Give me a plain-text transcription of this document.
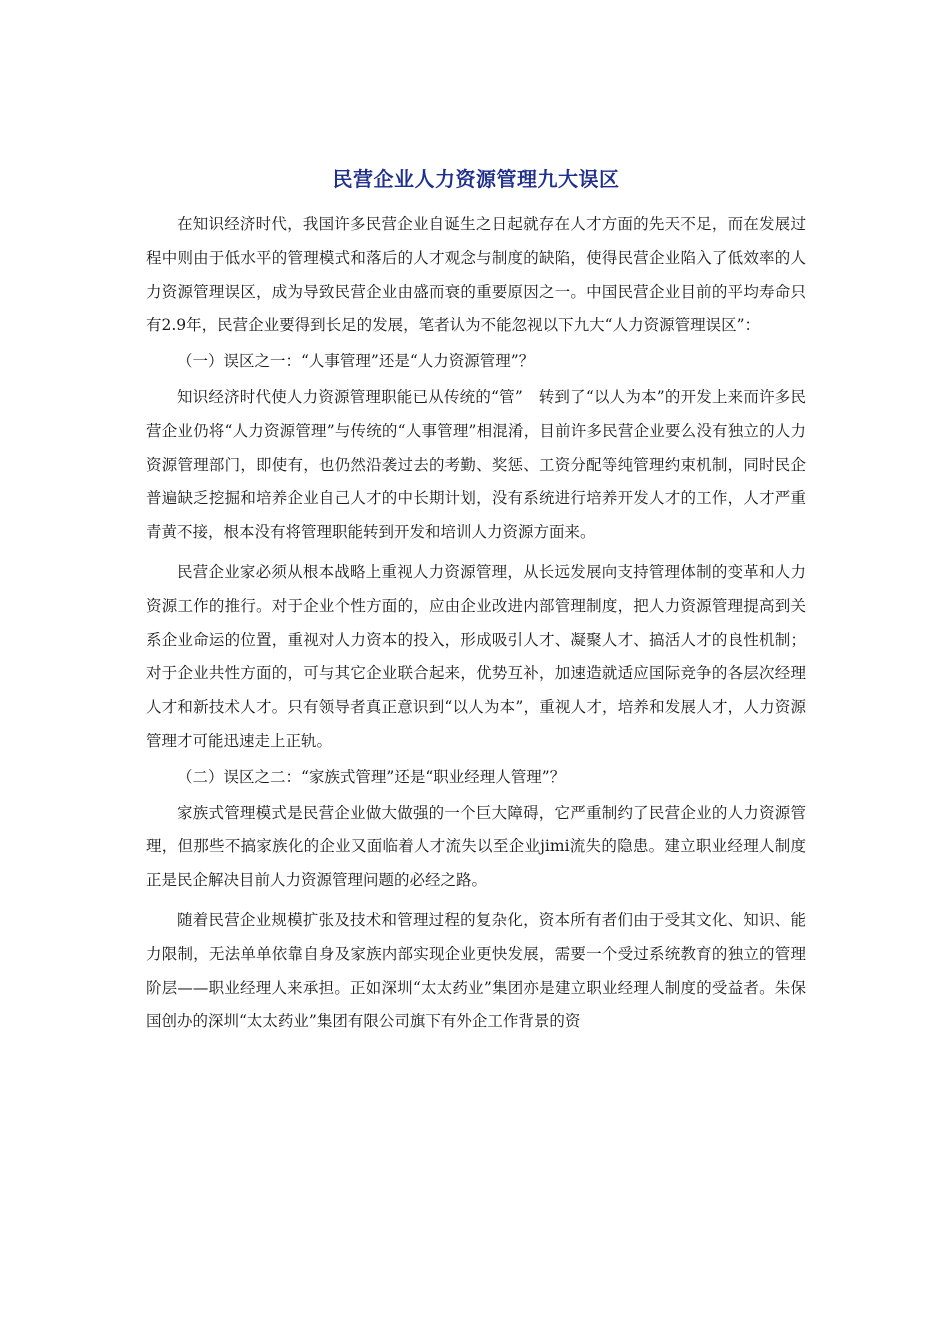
民营企业人力资源管理九大误区

在知识经济时代，我国许多民营企业自诞生之日起就存在人才方面的先天不足，而在发展过程中则由于低水平的管理模式和落后的人才观念与制度的缺陷，使得民营企业陷入了低效率的人力资源管理误区，成为导致民营企业由盛而衰的重要原因之一。中国民营企业目前的平均寿命只有2.9年，民营企业要得到长足的发展，笔者认为不能忽视以下九大“人力资源管理误区”：

（一）误区之一：“人事管理”还是“人力资源管理”？

知识经济时代使人力资源管理职能已从传统的“管”　转到了“以人为本”的开发上来而许多民营企业仍将“人力资源管理”与传统的“人事管理”相混淆，目前许多民营企业要么没有独立的人力资源管理部门，即使有，也仍然沿袭过去的考勤、奖惩、工资分配等纯管理约束机制，同时民企普遍缺乏挖掘和培养企业自己人才的中长期计划，没有系统进行培养开发人才的工作，人才严重青黄不接，根本没有将管理职能转到开发和培训人力资源方面来。

民营企业家必须从根本战略上重视人力资源管理，从长远发展向支持管理体制的变革和人力资源工作的推行。对于企业个性方面的，应由企业改进内部管理制度，把人力资源管理提高到关系企业命运的位置，重视对人力资本的投入，形成吸引人才、凝聚人才、搞活人才的良性机制；对于企业共性方面的，可与其它企业联合起来，优势互补，加速造就适应国际竞争的各层次经理人才和新技术人才。只有领导者真正意识到“以人为本”，重视人才，培养和发展人才，人力资源管理才可能迅速走上正轨。

（二）误区之二：“家族式管理”还是“职业经理人管理”？

家族式管理模式是民营企业做大做强的一个巨大障碍，它严重制约了民营企业的人力资源管理，但那些不搞家族化的企业又面临着人才流失以至企业jimi流失的隐患。建立职业经理人制度正是民企解决目前人力资源管理问题的必经之路。

随着民营企业规模扩张及技术和管理过程的复杂化，资本所有者们由于受其文化、知识、能力限制，无法单单依靠自身及家族内部实现企业更快发展，需要一个受过系统教育的独立的管理阶层——职业经理人来承担。正如深圳“太太药业”集团亦是建立职业经理人制度的受益者。朱保国创办的深圳“太太药业”集团有限公司旗下有外企工作背景的资
